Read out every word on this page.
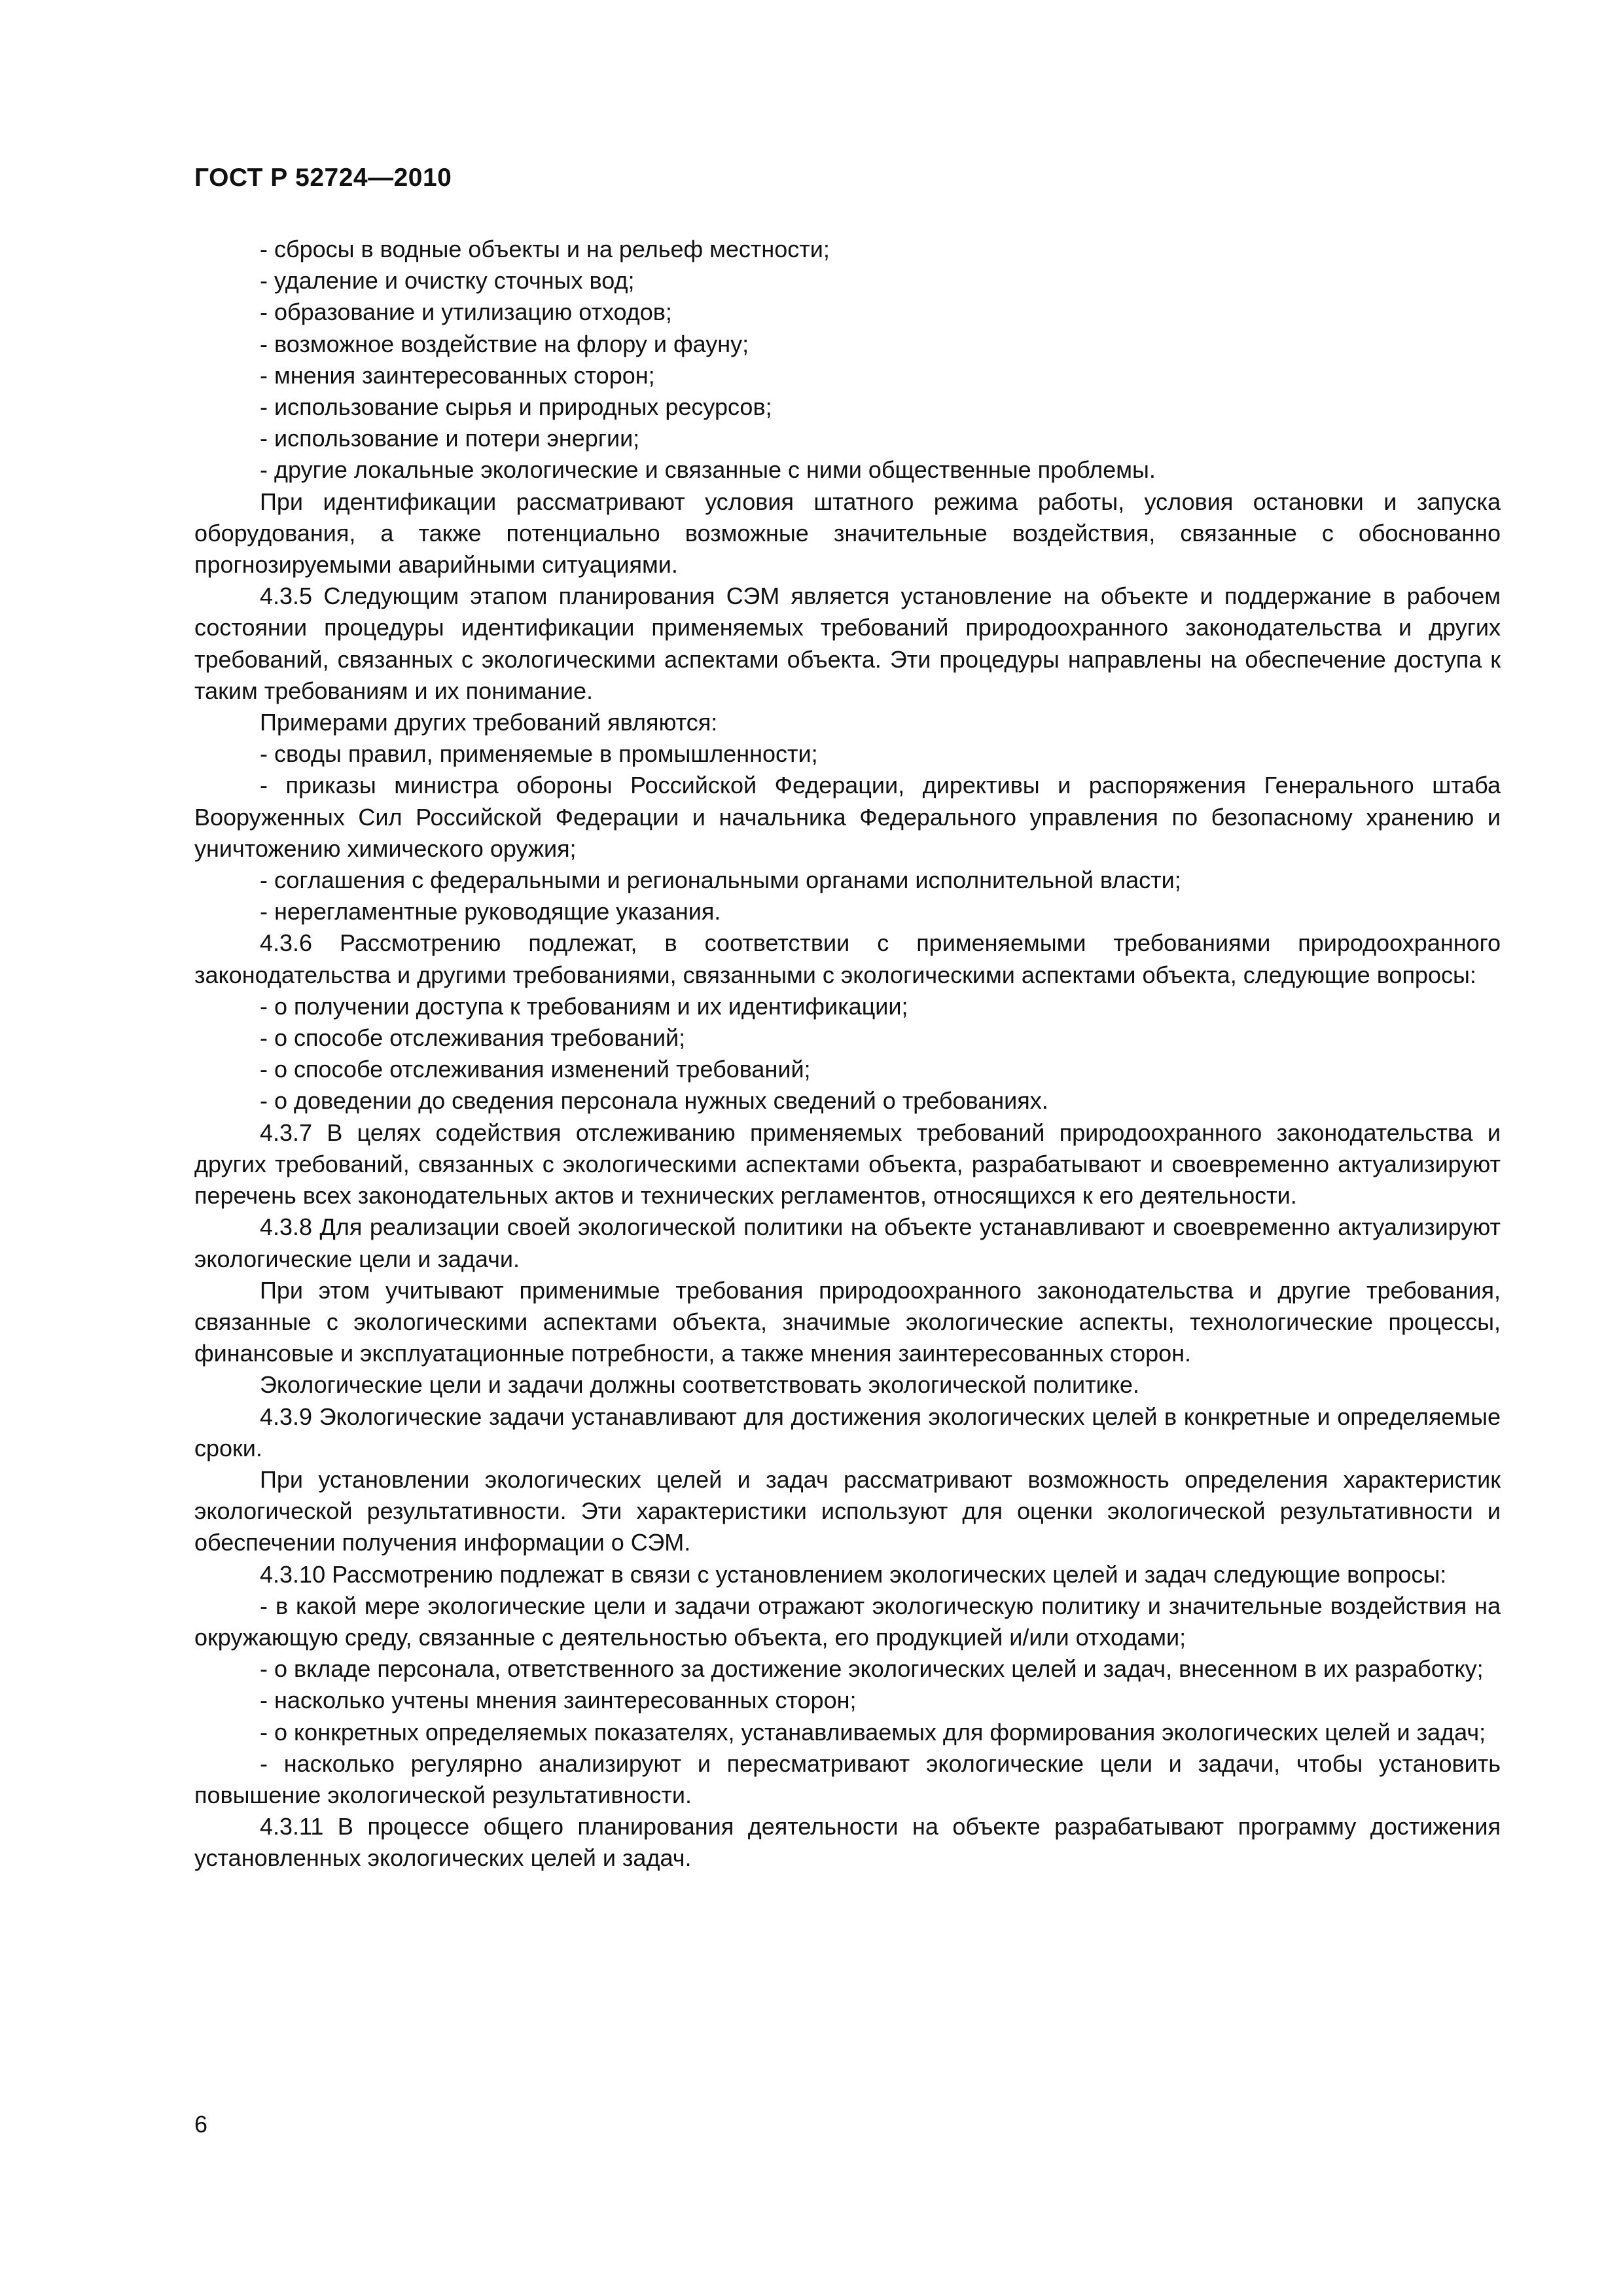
ГОСТ Р 52724—2010

- сбросы в водные объекты и на рельеф местности;

- удаление и очистку сточных вод;

- образование и утилизацию отходов;

- возможное воздействие на флору и фауну;

- мнения заинтересованных сторон;

- использование сырья и природных ресурсов;

- использование и потери энергии;

- другие локальные экологические и связанные с ними общественные проблемы.

При идентификации рассматривают условия штатного режима работы, условия остановки и запуска оборудования, а также потенциально возможные значительные воздействия, связанные с обоснованно прогнозируемыми аварийными ситуациями.

4.3.5 Следующим этапом планирования СЭМ является установление на объекте и поддержание в рабочем состоянии процедуры идентификации применяемых требований природоохранного законодательства и других требований, связанных с экологическими аспектами объекта. Эти процедуры направлены на обеспечение доступа к таким требованиям и их понимание.

Примерами других требований являются:

- своды правил, применяемые в промышленности;

- приказы министра обороны Российской Федерации, директивы и распоряжения Генерального штаба Вооруженных Сил Российской Федерации и начальника Федерального управления по безопасному хранению и уничтожению химического оружия;

- соглашения с федеральными и региональными органами исполнительной власти;

- нерегламентные руководящие указания.

4.3.6 Рассмотрению подлежат, в соответствии с применяемыми требованиями природоохранного законодательства и другими требованиями, связанными с экологическими аспектами объекта, следующие вопросы:

- о получении доступа к требованиям и их идентификации;

- о способе отслеживания требований;

- о способе отслеживания изменений требований;

- о доведении до сведения персонала нужных сведений о требованиях.

4.3.7 В целях содействия отслеживанию применяемых требований природоохранного законодательства и других требований, связанных с экологическими аспектами объекта, разрабатывают и своевременно актуализируют перечень всех законодательных актов и технических регламентов, относящихся к его деятельности.

4.3.8 Для реализации своей экологической политики на объекте устанавливают и своевременно актуализируют экологические цели и задачи.

При этом учитывают применимые требования природоохранного законодательства и другие требования, связанные с экологическими аспектами объекта, значимые экологические аспекты, технологические процессы, финансовые и эксплуатационные потребности, а также мнения заинтересованных сторон.

Экологические цели и задачи должны соответствовать экологической политике.

4.3.9 Экологические задачи устанавливают для достижения экологических целей в конкретные и определяемые сроки.

При установлении экологических целей и задач рассматривают возможность определения характеристик экологической результативности. Эти характеристики используют для оценки экологической результативности и обеспечении получения информации о СЭМ.

4.3.10 Рассмотрению подлежат в связи с установлением экологических целей и задач следующие вопросы:

- в какой мере экологические цели и задачи отражают экологическую политику и значительные воздействия на окружающую среду, связанные с деятельностью объекта, его продукцией и/или отходами;

- о вкладе персонала, ответственного за достижение экологических целей и задач, внесенном в их разработку;

- насколько учтены мнения заинтересованных сторон;

- о конкретных определяемых показателях, устанавливаемых для формирования экологических целей и задач;

- насколько регулярно анализируют и пересматривают экологические цели и задачи, чтобы установить повышение экологической результативности.

4.3.11 В процессе общего планирования деятельности на объекте разрабатывают программу достижения установленных экологических целей и задач.

6
